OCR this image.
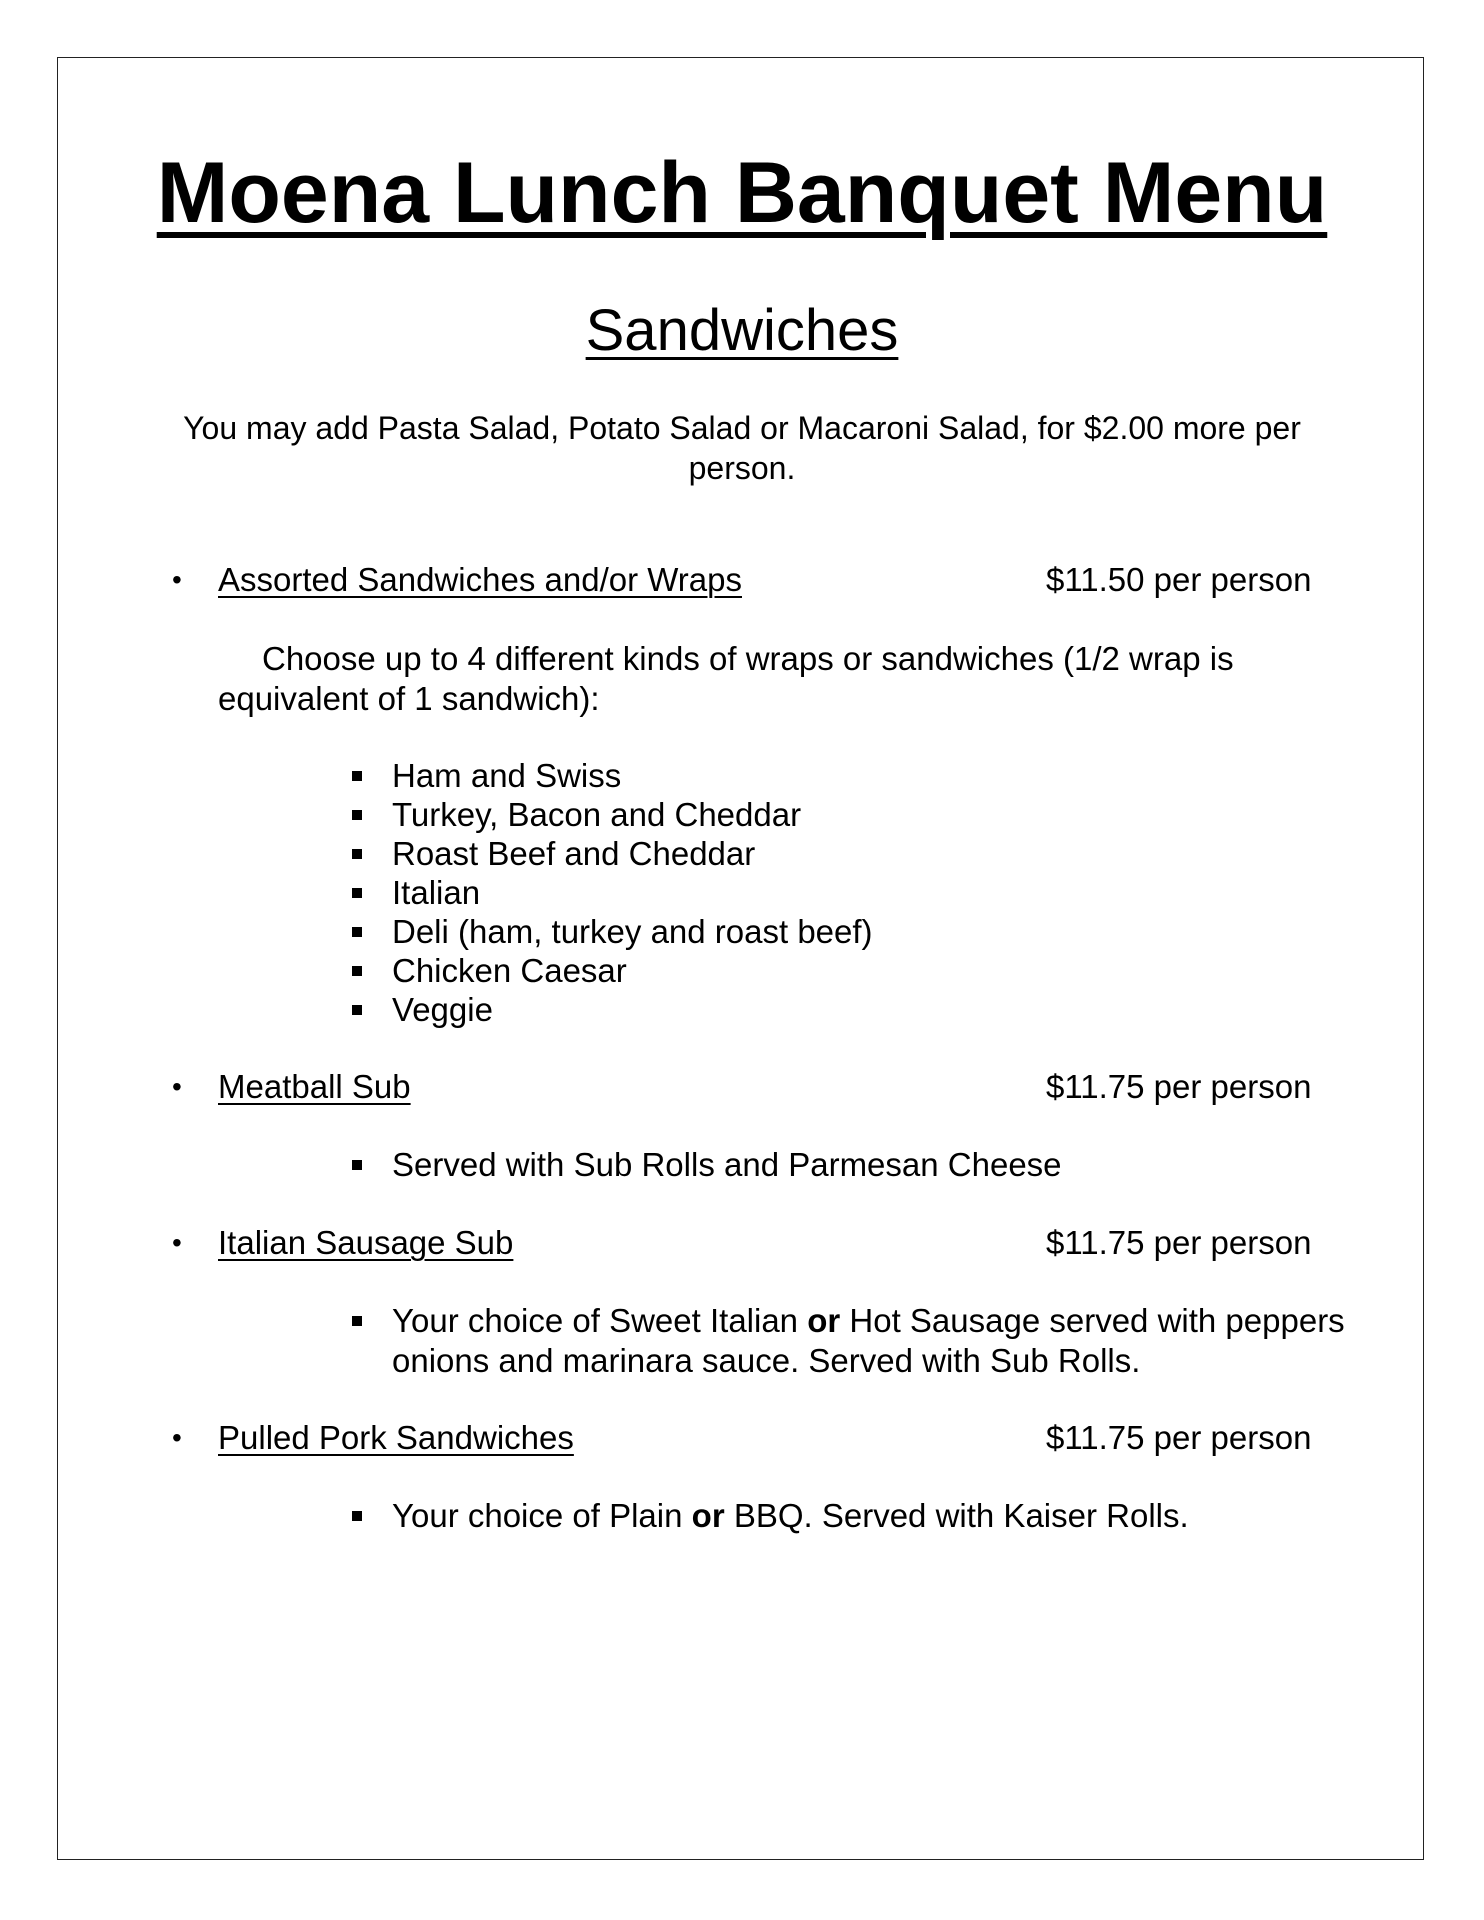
Moena Lunch Banquet Menu
Sandwiches
You may add Pasta Salad, Potato Salad or Macaroni Salad, for $2.00 more per person.
• Assorted Sandwiches and/or Wraps	$11.50 per person
Choose up to 4 different kinds of wraps or sandwiches (1/2 wrap is equivalent of 1 sandwich):
Ham and Swiss
Turkey, Bacon and Cheddar
Roast Beef and Cheddar
Italian
Deli (ham, turkey and roast beef)
Chicken Caesar
Veggie
• Meatball Sub	$11.75 per person
Served with Sub Rolls and Parmesan Cheese
• Italian Sausage Sub	$11.75 per person
Your choice of Sweet Italian or Hot Sausage served with peppers onions and marinara sauce. Served with Sub Rolls.
• Pulled Pork Sandwiches	$11.75 per person
Your choice of Plain or BBQ. Served with Kaiser Rolls.
